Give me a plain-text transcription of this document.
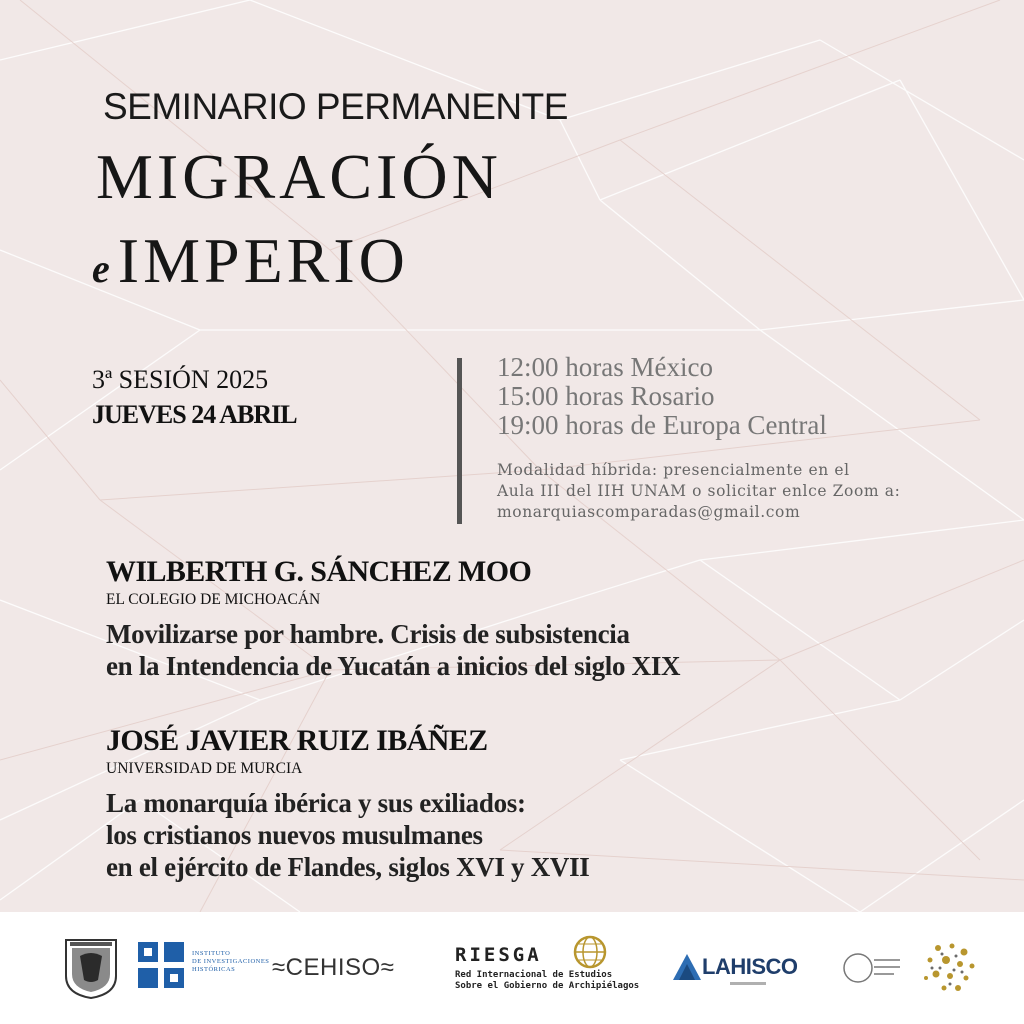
SEMINARIO PERMANENTE
MIGRACIÓN
e IMPERIO
3ª SESIÓN 2025
JUEVES 24 ABRIL
12:00 horas México
15:00 horas Rosario
19:00 horas de Europa Central
Modalidad híbrida: presencialmente en el
Aula III del IIH UNAM o solicitar enlce Zoom a:
monarquiascomparadas@gmail.com
WILBERTH G. SÁNCHEZ MOO
EL COLEGIO DE MICHOACÁN
Movilizarse por hambre. Crisis de subsistencia
en la Intendencia de Yucatán a inicios del siglo XIX
JOSÉ JAVIER RUIZ IBÁÑEZ
UNIVERSIDAD DE MURCIA
La monarquía ibérica y sus exiliados:
los cristianos nuevos musulmanes
en el ejército de Flandes, siglos XVI y XVII
INSTITUTO
DE INVESTIGACIONES
HISTÓRICAS	≈CEHISO≈	RIESGA
Red Internacional de Estudios
Sobre el Gobierno de Archipiélagos
LAHISCO
